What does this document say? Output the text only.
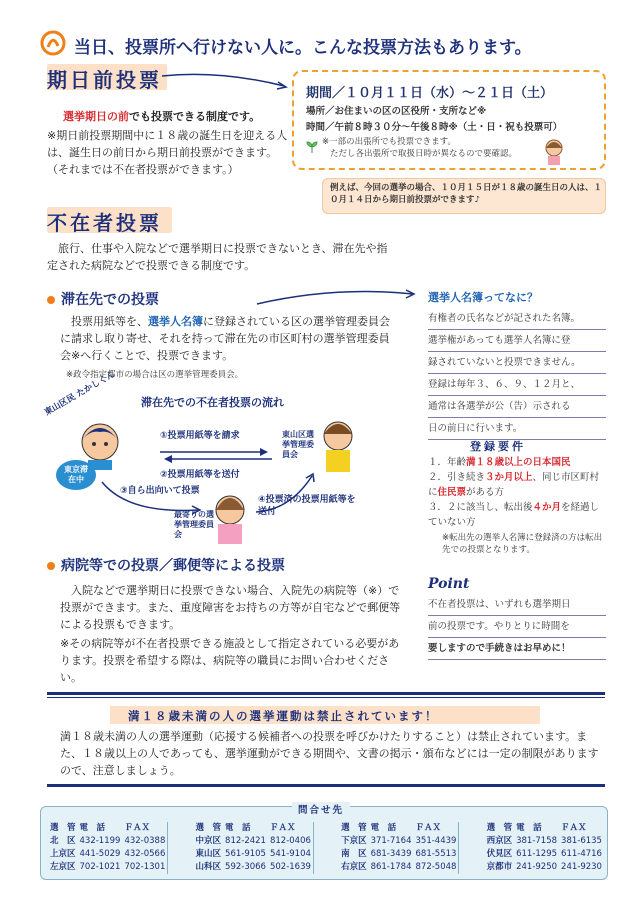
当日、投票所へ行けない人に。こんな投票方法もあります。
期日前投票
選挙期日の前でも投票できる制度です。
※期日前投票期間中に１８歳の誕生日を迎える人は、誕生日の前日から期日前投票ができます。（それまでは不在者投票ができます。）
期間／１０月１１日（水）～２１日（土）
場所／お住まいの区の区役所・支所など※
時間／午前８時３０分～午後８時※（土・日・祝も投票可）
※一部の出張所でも投票できます。
ただし各出張所で取扱日時が異なるので要確認。
例えば、今回の選挙の場合、１０月１５日が１８歳の誕生日の人は、１０月１４日から期日前投票ができます♪
不在者投票
旅行、仕事や入院などで選挙期日に投票できないとき、滞在先や指定された病院などで投票できる制度です。
滞在先での投票
投票用紙等を、選挙人名簿に登録されている区の選挙管理委員会に請求し取り寄せ、それを持って滞在先の市区町村の選挙管理委員会※へ行くことで、投票できます。
※政令指定都市の場合は区の選挙管理委員会。
滞在先での不在者投票の流れ
東山区民 たかしくん
東京滞在中
東山区選挙管理委員会
①投票用紙等を請求
②投票用紙等を送付
③自ら出向いて投票
④投票済の投票用紙等を送付
最寄りの選挙管理委員会
病院等での投票／郵便等による投票
入院などで選挙期日に投票できない場合、入院先の病院等（※）で投票ができます。また、重度障害をお持ちの方等が自宅などで郵便等による投票もできます。
※その病院等が不在者投票できる施設として指定されている必要があります。投票を希望する際は、病院等の職員にお問い合わせください。
選挙人名簿ってなに？
有権者の氏名などが記された名簿。
選挙権があっても選挙人名簿に登
録されていないと投票できません。
登録は毎年３、６、９、１２月と、
通常は各選挙が公（告）示される
日の前日に行います。
登録要件
１．年齢満１８歳以上の日本国民
２．引き続き３か月以上、同じ市区町村に住民票がある方
３．２に該当し、転出後４か月を経過していない方
※転出先の選挙人名簿に登録済の方は転出先での投票となります。
Point
不在者投票は、いずれも選挙期日
前の投票です。やりとりに時間を
要しますので手続きはお早めに！
満１８歳未満の人の選挙運動は禁止されています！
満１８歳未満の人の選挙運動（応援する候補者への投票を呼びかけたりすること）は禁止されています。また、１８歳以上の人であっても、選挙運動ができる期間や、文書の掲示・頒布などには一定の制限がありますので、注意しましょう。
問合せ先
選　管	電　話	ＦＡＸ
北　区	432-1199	432-0388
上京区	441-5029	432-0566
左京区	702-1021	702-1301
選　管	電　話	ＦＡＸ
中京区	812-2421	812-0406
東山区	561-9105	541-9104
山科区	592-3066	502-1639
選　管	電　話	ＦＡＸ
下京区	371-7164	351-4439
南　区	681-3439	681-5513
右京区	861-1784	872-5048
選　管	電　話	ＦＡＸ
西京区	381-7158	381-6135
伏見区	611-1295	611-4716
京都市	241-9250	241-9230
